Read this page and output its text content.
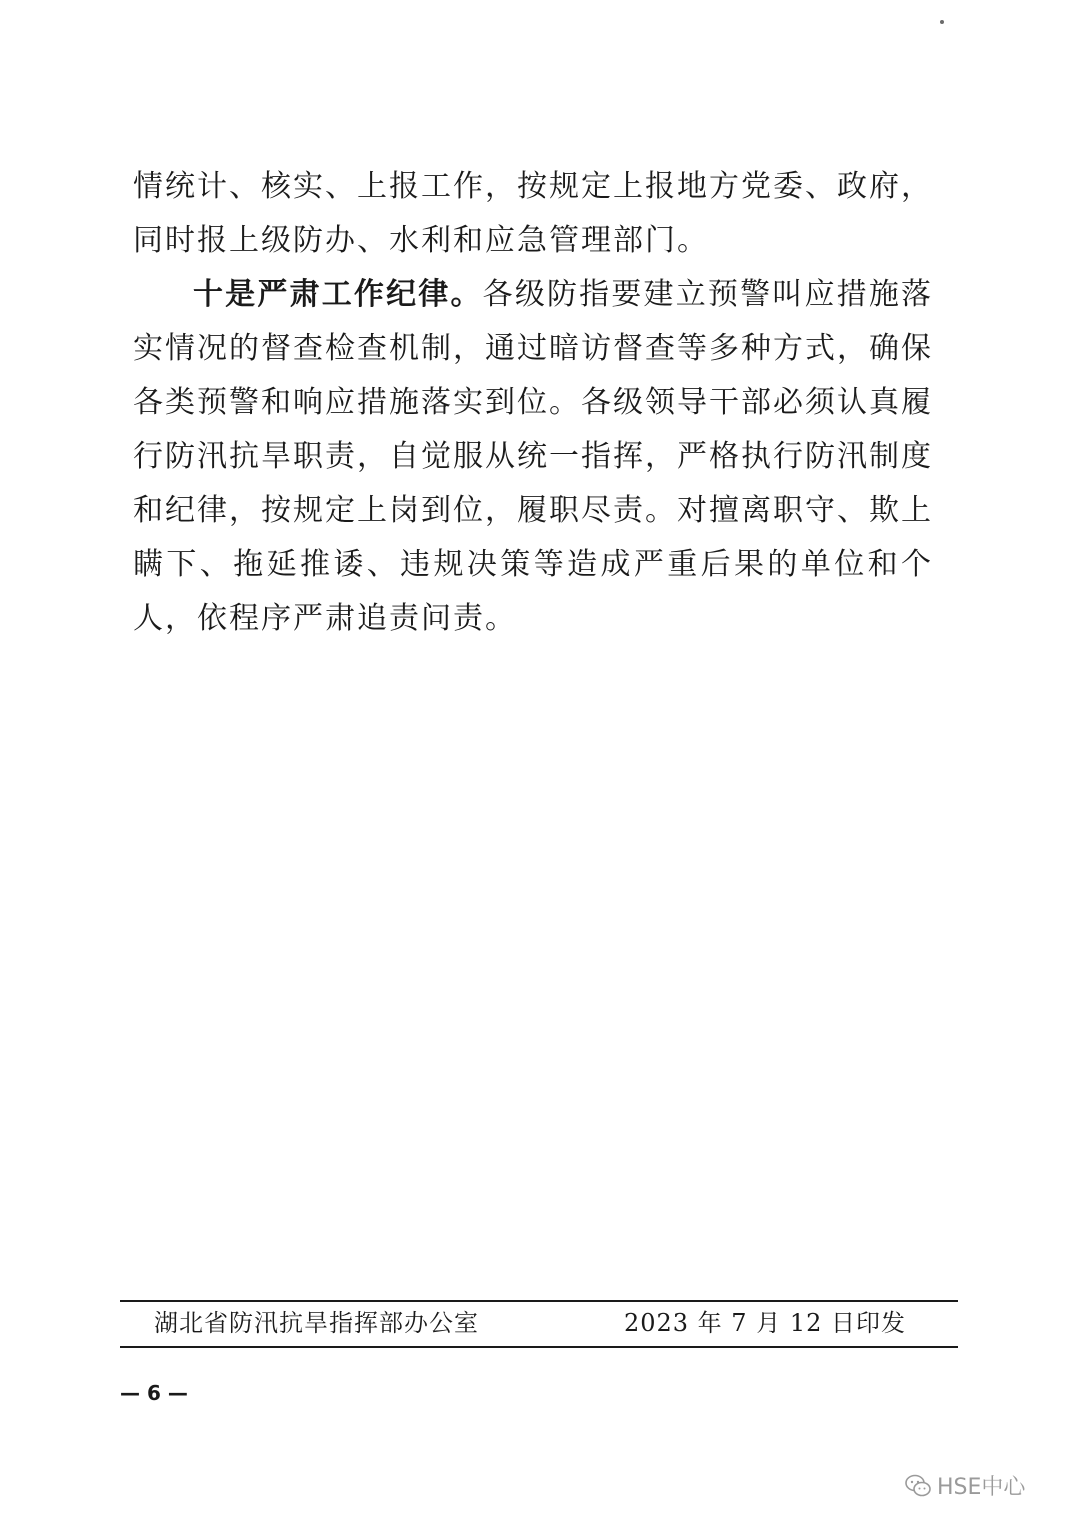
情统计、核实、上报工作，按规定上报地方党委、政府，同时报上级防办、水利和应急管理部门。

十是严肃工作纪律。各级防指要建立预警叫应措施落实情况的督查检查机制，通过暗访督查等多种方式，确保各类预警和响应措施落实到位。各级领导干部必须认真履行防汛抗旱职责，自觉服从统一指挥，严格执行防汛制度和纪律，按规定上岗到位，履职尽责。对擅离职守、欺上瞒下、拖延推诿、违规决策等造成严重后果的单位和个人，依程序严肃追责问责。

湖北省防汛抗旱指挥部办公室	2023 年 7 月 12 日印发
— 6 —
HSE中心
